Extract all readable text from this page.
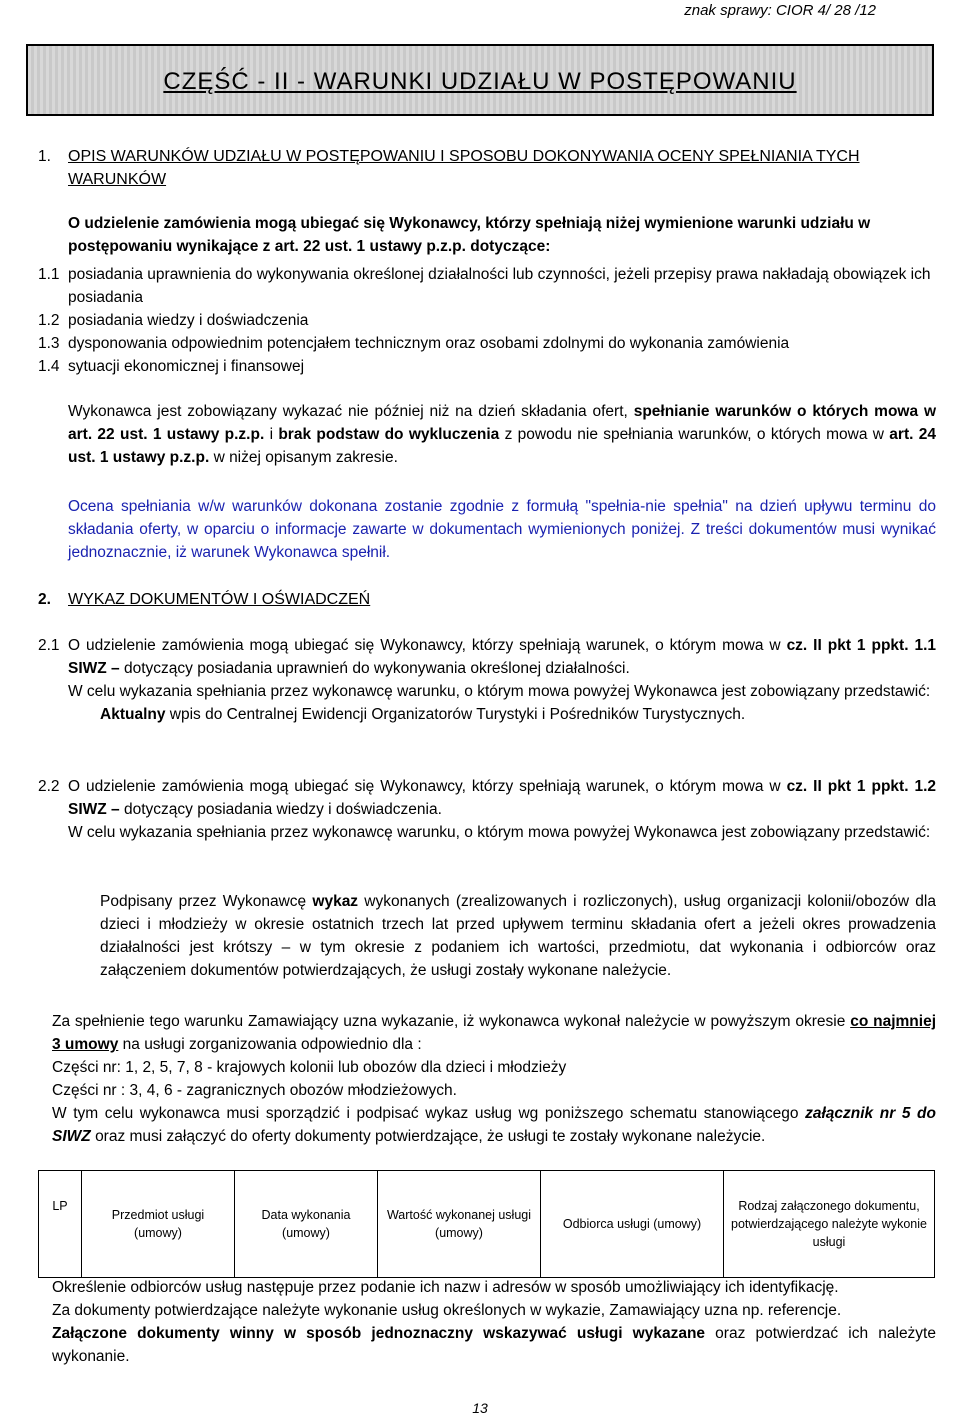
znak sprawy: CIOR 4/ 28 /12
CZĘŚĆ - II - WARUNKI UDZIAŁU W POSTĘPOWANIU
1. OPIS WARUNKÓW UDZIAŁU W POSTĘPOWANIU I SPOSOBU DOKONYWANIA OCENY SPEŁNIANIA TYCH WARUNKÓW
O udzielenie zamówienia mogą ubiegać się Wykonawcy, którzy spełniają niżej wymienione warunki udziału w postępowaniu wynikające z art. 22 ust. 1 ustawy p.z.p. dotyczące:
1.1 posiadania uprawnienia do wykonywania określonej działalności lub czynności, jeżeli przepisy prawa nakładają obowiązek ich posiadania
1.2 posiadania wiedzy i doświadczenia
1.3 dysponowania odpowiednim potencjałem technicznym oraz osobami zdolnymi do wykonania zamówienia
1.4 sytuacji ekonomicznej i finansowej
Wykonawca jest zobowiązany wykazać nie później niż na dzień składania ofert, spełnianie warunków o których mowa w art. 22 ust. 1 ustawy p.z.p. i brak podstaw do wykluczenia z powodu nie spełniania warunków, o których mowa w art. 24 ust. 1 ustawy p.z.p. w niżej opisanym zakresie.
Ocena spełniania w/w warunków dokonana zostanie zgodnie z formułą "spełnia-nie spełnia" na dzień upływu terminu do składania oferty, w oparciu o informacje zawarte w dokumentach wymienionych poniżej. Z treści dokumentów musi wynikać jednoznacznie, iż warunek Wykonawca spełnił.
2. WYKAZ DOKUMENTÓW I OŚWIADCZEŃ
2.1 O udzielenie zamówienia mogą ubiegać się Wykonawcy, którzy spełniają warunek, o którym mowa w cz. II pkt 1 ppkt. 1.1 SIWZ – dotyczący posiadania uprawnień do wykonywania określonej działalności.
W celu wykazania spełniania przez wykonawcę warunku, o którym mowa powyżej Wykonawca jest zobowiązany przedstawić:
Aktualny wpis do Centralnej Ewidencji Organizatorów Turystyki i Pośredników Turystycznych.
2.2 O udzielenie zamówienia mogą ubiegać się Wykonawcy, którzy spełniają warunek, o którym mowa w cz. II pkt 1 ppkt. 1.2 SIWZ – dotyczący posiadania wiedzy i doświadczenia.
W celu wykazania spełniania przez wykonawcę warunku, o którym mowa powyżej Wykonawca jest zobowiązany przedstawić:
Podpisany przez Wykonawcę wykaz wykonanych (zrealizowanych i rozliczonych), usług organizacji kolonii/obozów dla dzieci i młodzieży w okresie ostatnich trzech lat przed upływem terminu składania ofert a jeżeli okres prowadzenia działalności jest krótszy – w tym okresie z podaniem ich wartości, przedmiotu, dat wykonania i odbiorców oraz załączeniem dokumentów potwierdzających, że usługi zostały wykonane należycie.
Za spełnienie tego warunku Zamawiający uzna wykazanie, iż wykonawca wykonał należycie w powyższym okresie co najmniej 3 umowy na usługi zorganizowania odpowiednio dla :
Części nr: 1, 2, 5, 7, 8 - krajowych kolonii lub obozów dla dzieci i młodzieży
Części nr : 3, 4, 6 - zagranicznych obozów młodzieżowych.
W tym celu wykonawca musi sporządzić i podpisać wykaz usług wg poniższego schematu stanowiącego załącznik nr 5 do SIWZ oraz musi załączyć do oferty dokumenty potwierdzające, że usługi te zostały wykonane należycie.
LP	Przedmiot usługi (umowy)	Data wykonania (umowy)	Wartość wykonanej usługi (umowy)	Odbiorca usługi (umowy)	Rodzaj załączonego dokumentu, potwierdzającego należyte wykonie usługi
Określenie odbiorców usług następuje przez podanie ich nazw i adresów w sposób umożliwiający ich identyfikację.
Za dokumenty potwierdzające należyte wykonanie usług określonych w wykazie, Zamawiający uzna np. referencje.
Załączone dokumenty winny w sposób jednoznaczny wskazywać usługi wykazane oraz potwierdzać ich należyte wykonanie.
13
